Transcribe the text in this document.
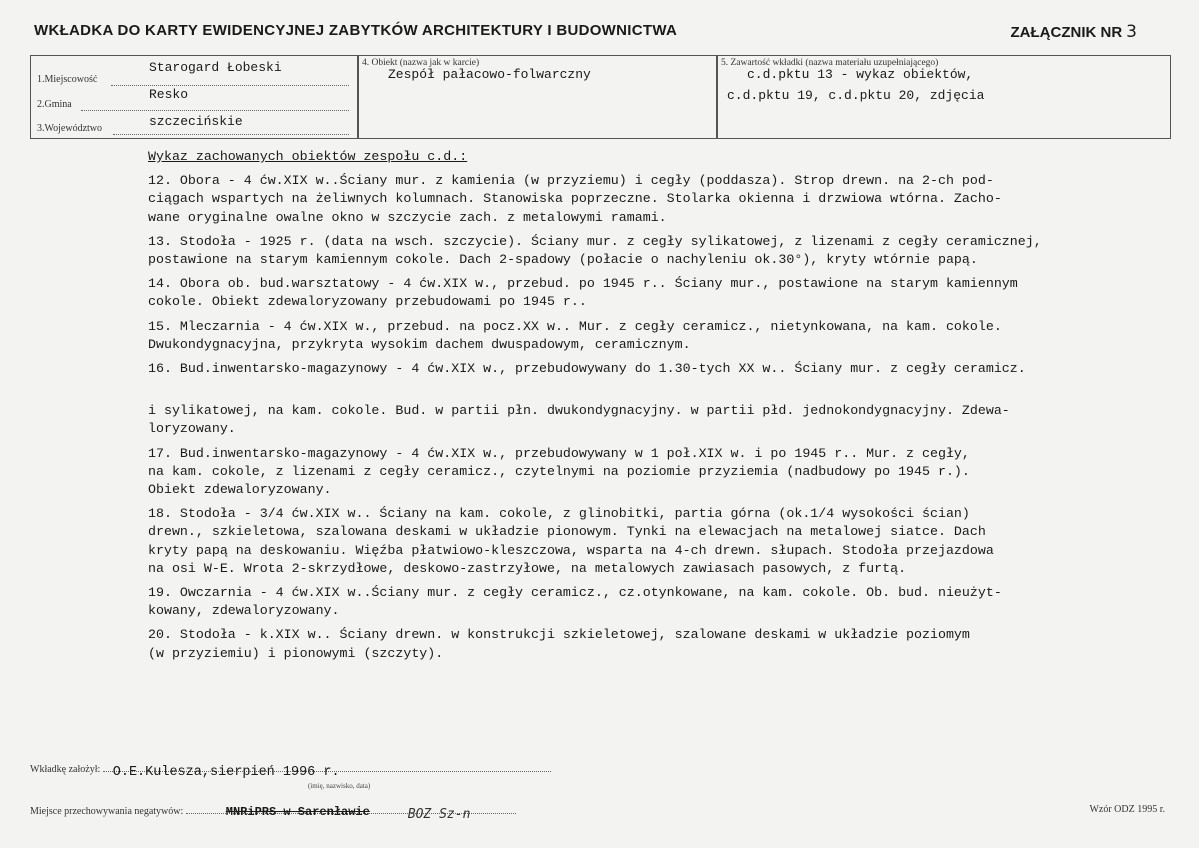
WKŁADKA DO KARTY EWIDENCYJNEJ ZABYTKÓW ARCHITEKTURY I BUDOWNICTWA	ZAŁĄCZNIK NR 3
1.Miejscowość
Starogard Łobeski
2.Gmina
Resko
3.Województwo	szczecińskie
4. Obiekt (nazwa jak w karcie)
Zespół pałacowo-folwarczny
5. Zawartość wkładki (nazwa materiału uzupełniającego)
c.d.pktu 13 - wykaz obiektów,
c.d.pktu 19, c.d.pktu 20, zdjęcia
Wykaz zachowanych obiektów zespołu c.d.:
12. Obora - 4 ćw.XIX w..Ściany mur. z kamienia (w przyziemu) i cegły (poddasza). Strop drewn. na 2-ch pod-
ciągach wspartych na żeliwnych kolumnach. Stanowiska poprzeczne. Stolarka okienna i drzwiowa wtórna. Zacho-
wane oryginalne owalne okno w szczycie zach. z metalowymi ramami.
13. Stodoła - 1925 r. (data na wsch. szczycie). Ściany mur. z cegły sylikatowej, z lizenami z cegły ceramicznej,
postawione na starym kamiennym cokole. Dach 2-spadowy (połacie o nachyleniu ok.30°), kryty wtórnie papą.
14. Obora ob. bud.warsztatowy - 4 ćw.XIX w., przebud. po 1945 r.. Ściany mur., postawione na starym kamiennym
cokole. Obiekt zdewaloryzowany przebudowami po 1945 r..
15. Mleczarnia - 4 ćw.XIX w., przebud. na pocz.XX w.. Mur. z cegły ceramicz., nietynkowana, na kam. cokole.
Dwukondygnacyjna, przykryta wysokim dachem dwuspadowym, ceramicznym.
16. Bud.inwentarsko-magazynowy - 4 ćw.XIX w., przebudowywany do 1.30-tych XX w.. Ściany mur. z cegły ceramicz.
i sylikatowej, na kam. cokole. Bud. w partii płn. dwukondygnacyjny. w partii płd. jednokondygnacyjny. Zdewa-
loryzowany.
17. Bud.inwentarsko-magazynowy - 4 ćw.XIX w., przebudowywany w 1 poł.XIX w. i po 1945 r.. Mur. z cegły,
na kam. cokole, z lizenami z cegły ceramicz., czytelnymi na poziomie przyziemia (nadbudowy po 1945 r.).
Obiekt zdewaloryzowany.
18. Stodoła - 3/4 ćw.XIX w.. Ściany na kam. cokole, z glinobitki, partia górna (ok.1/4 wysokości ścian)
drewn., szkieletowa, szalowana deskami w układzie pionowym. Tynki na elewacjach na metalowej siatce. Dach
kryty papą na deskowaniu. Więźba płatwiowo-kleszczowa, wsparta na 4-ch drewn. słupach. Stodoła przejazdowa
na osi W-E. Wrota 2-skrzydłowe, deskowo-zastrzyłowe, na metalowych zawiasach pasowych, z furtą.
19. Owczarnia - 4 ćw.XIX w..Ściany mur. z cegły ceramicz., cz.otynkowane, na kam. cokole. Ob. bud. nieużyt-
kowany, zdewaloryzowany.
20. Stodoła - k.XIX w.. Ściany drewn. w konstrukcji szkieletowej, szalowane deskami w układzie poziomym
(w przyziemiu) i pionowymi (szczyty).
Wkładkę założył: O.E.Kulesza,sierpień 1996 r.
(imię, nazwisko, data)
Miejsce przechowywania negatywów:	MNRiPRS w Sarenławie	BOZ Sz-n	Wzór ODZ 1995 r.
